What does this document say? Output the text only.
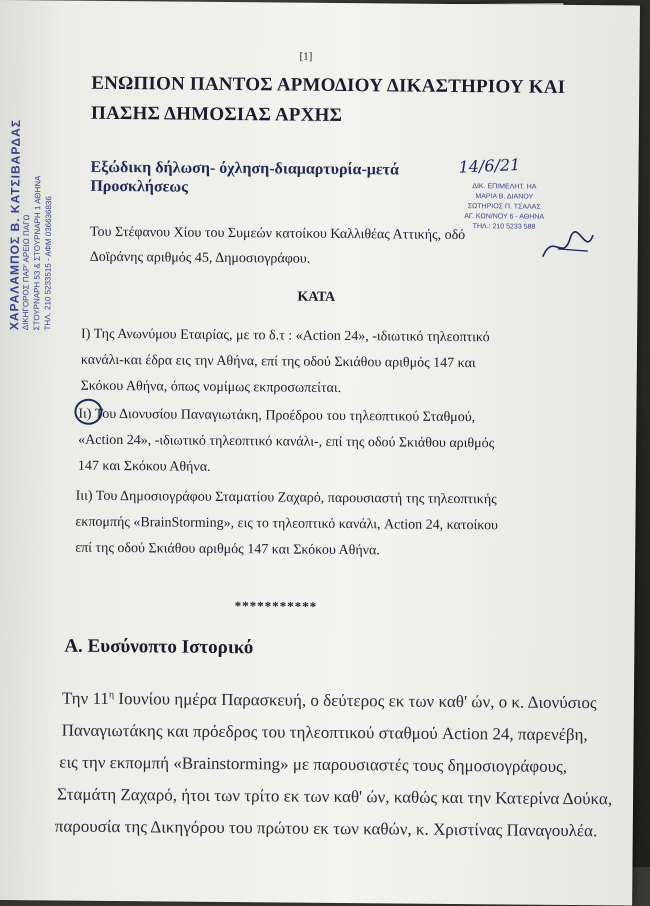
[1]
ΕΝΩΠΙΟΝ ΠΑΝΤΟΣ ΑΡΜΟΔΙΟΥ ΔΙΚΑΣΤΗΡΙΟΥ ΚΑΙ
ΠΑΣΗΣ ΔΗΜΟΣΙΑΣ ΑΡΧΗΣ
Εξώδικη δήλωση- όχληση-διαμαρτυρία-μετά
Προσκλήσεως
14/6/21
ΔΙΚ. ΕΠΙΜΕΛΗΤ. ΗΑ
ΜΑΡΙΑ Β. ΔΙΑΝΟΥ
ΣΩΤΗΡΙΟΣ Π. ΤΣΑΛΑΣ
ΑΓ. ΚΩΝ/ΝΟΥ 6 - ΑΘΗΝΑ
ΤΗΛ.: 210 5233 588
Του Στέφανου Χίου του Συμεών κατοίκου Καλλιθέας Αττικής, οδό
Δοϊράνης αριθμός 45, Δημοσιογράφου.
ΚΑΤΑ
Ι) Της Ανωνύμου Εταιρίας, με το δ.τ : «Action 24», -ιδιωτικό τηλεοπτικό
κανάλι-και έδρα εις την Αθήνα, επί της οδού Σκιάθου αριθμός 147 και
Σκόκου Αθήνα, όπως νομίμως εκπροσωπείται.
Ιι) Του Διονυσίου Παναγιωτάκη, Προέδρου του τηλεοπτικού Σταθμού,
«Action 24», -ιδιωτικό τηλεοπτικό κανάλι-, επί της οδού Σκιάθου αριθμός
147 και Σκόκου Αθήνα.
Ιιι) Του Δημοσιογράφου Σταματίου Ζαχαρό, παρουσιαστή της τηλεοπτικής
εκπομπής «BrainStorming», εις το τηλεοπτικό κανάλι, Action 24, κατοίκου
επί της οδού Σκιάθου αριθμός 147 και Σκόκου Αθήνα.
***********
Α. Ευσύνοπτο Ιστορικό
Την $11^\eta$ Ιουνίου ημέρα Παρασκευή, ο δεύτερος εκ των καθ' ών, ο κ. Διονύσιος
Παναγιωτάκης και πρόεδρος του τηλεοπτικού σταθμού Action 24, παρενέβη,
εις την εκπομπή «Brainstorming» με παρουσιαστές τους δημοσιογράφους,
Σταμάτη Ζαχαρό, ήτοι των τρίτο εκ των καθ' ών, καθώς και την Κατερίνα Δούκα,
παρουσία της Δικηγόρου του πρώτου εκ των καθών, κ. Χριστίνας Παναγουλέα.
ΧΑΡΑΛΑΜΠΟΣ Β. ΚΑΤΣΙΒΑΡΔΑΣ
ΔΙΚΗΓΟΡΟΣ ΠΑΡ' ΑΡΕΙΩ ΠΑΓΩ ΣΤΟΥΡΝΑΡΗ 53 & ΣΤΟΥΡΝΑΡΗ 1 ΑΘΗΝΑ ΤΗΛ. 210 5233515 - ΑΦΜ 036636836
